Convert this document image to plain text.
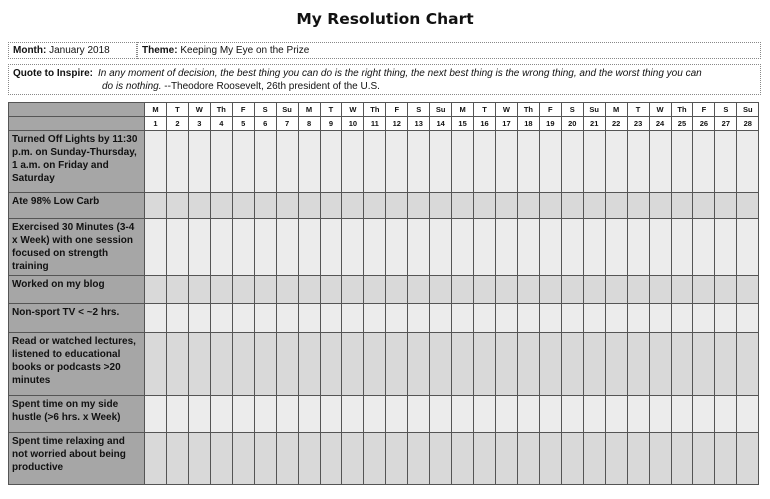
My Resolution Chart
Month: January 2018	Theme: Keeping My Eye on the Prize
Quote to Inspire: In any moment of decision, the best thing you can do is the right thing, the next best thing is the wrong thing, and the worst thing you can
do is nothing. --Theodore Roosevelt, 26th president of the U.S.
	M	T	W	Th	F	S	Su	M	T	W	Th	F	S	Su	M	T	W	Th	F	S	Su	M	T	W	Th	F	S	Su
	1	2	3	4	5	6	7	8	9	10	11	12	13	14	15	16	17	18	19	20	21	22	23	24	25	26	27	28
Turned Off Lights by 11:30 p.m. on Sunday-Thursday, 1 a.m. on Friday and Saturday																												
Ate 98% Low Carb																												
Exercised 30 Minutes (3-4 x Week) with one session focused on strength training																												
Worked on my blog																												
Non-sport TV < ~2 hrs.																												
Read or watched lectures, listened to educational books or podcasts >20 minutes																												
Spent time on my side hustle (>6 hrs. x Week)																												
Spent time relaxing and not worried about being productive																												
